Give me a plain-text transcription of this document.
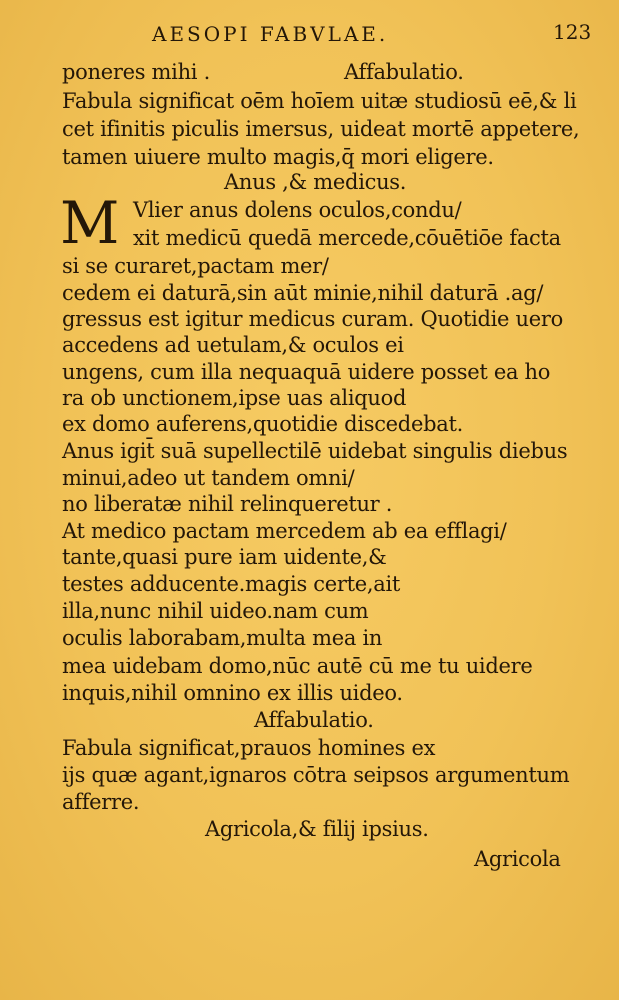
AESOPI FABVLAE.	123
poneres mihi .	Affabulatio.
Fabula significat oēm hoīem uitæ studiosū eē,& li
cet ifinitis piculis imersus, uideat mortē appetere,
tamen uiuere multo magis,q̄ mori eligere.
Anus ,& medicus.
M Vlier anus dolens oculos,condu/
xit medicū quedā mercede,cōuētiōe facta
si se curaret,pactam mer/
cedem ei daturā,sin aūt minie,nihil daturā .ag/
gressus est igitur medicus curam. Quotidie uero
accedens ad uetulam,& oculos ei
ungens, cum illa nequaquā uidere posset ea ho
ra ob unctionem,ipse uas aliquod
ex domo auferens,quotidie discedebat.
Anus igit̄ suā supellectilē uidebat singulis diebus
minui,adeo ut tandem omni/
no liberatæ nihil relinqueretur .
At medico pactam mercedem ab ea efflagi/
tante,quasi pure iam uidente,&
testes adducente.magis certe,ait
illa,nunc nihil uideo.nam cum
oculis laborabam,multa mea in
mea uidebam domo,nūc autē cū me tu uidere
inquis,nihil omnino ex illis uideo.
Affabulatio.
Fabula significat,prauos homines ex
ijs quæ agant,ignaros cōtra seipsos argumentum
afferre.
Agricola,& filij ipsius.
Agricola
